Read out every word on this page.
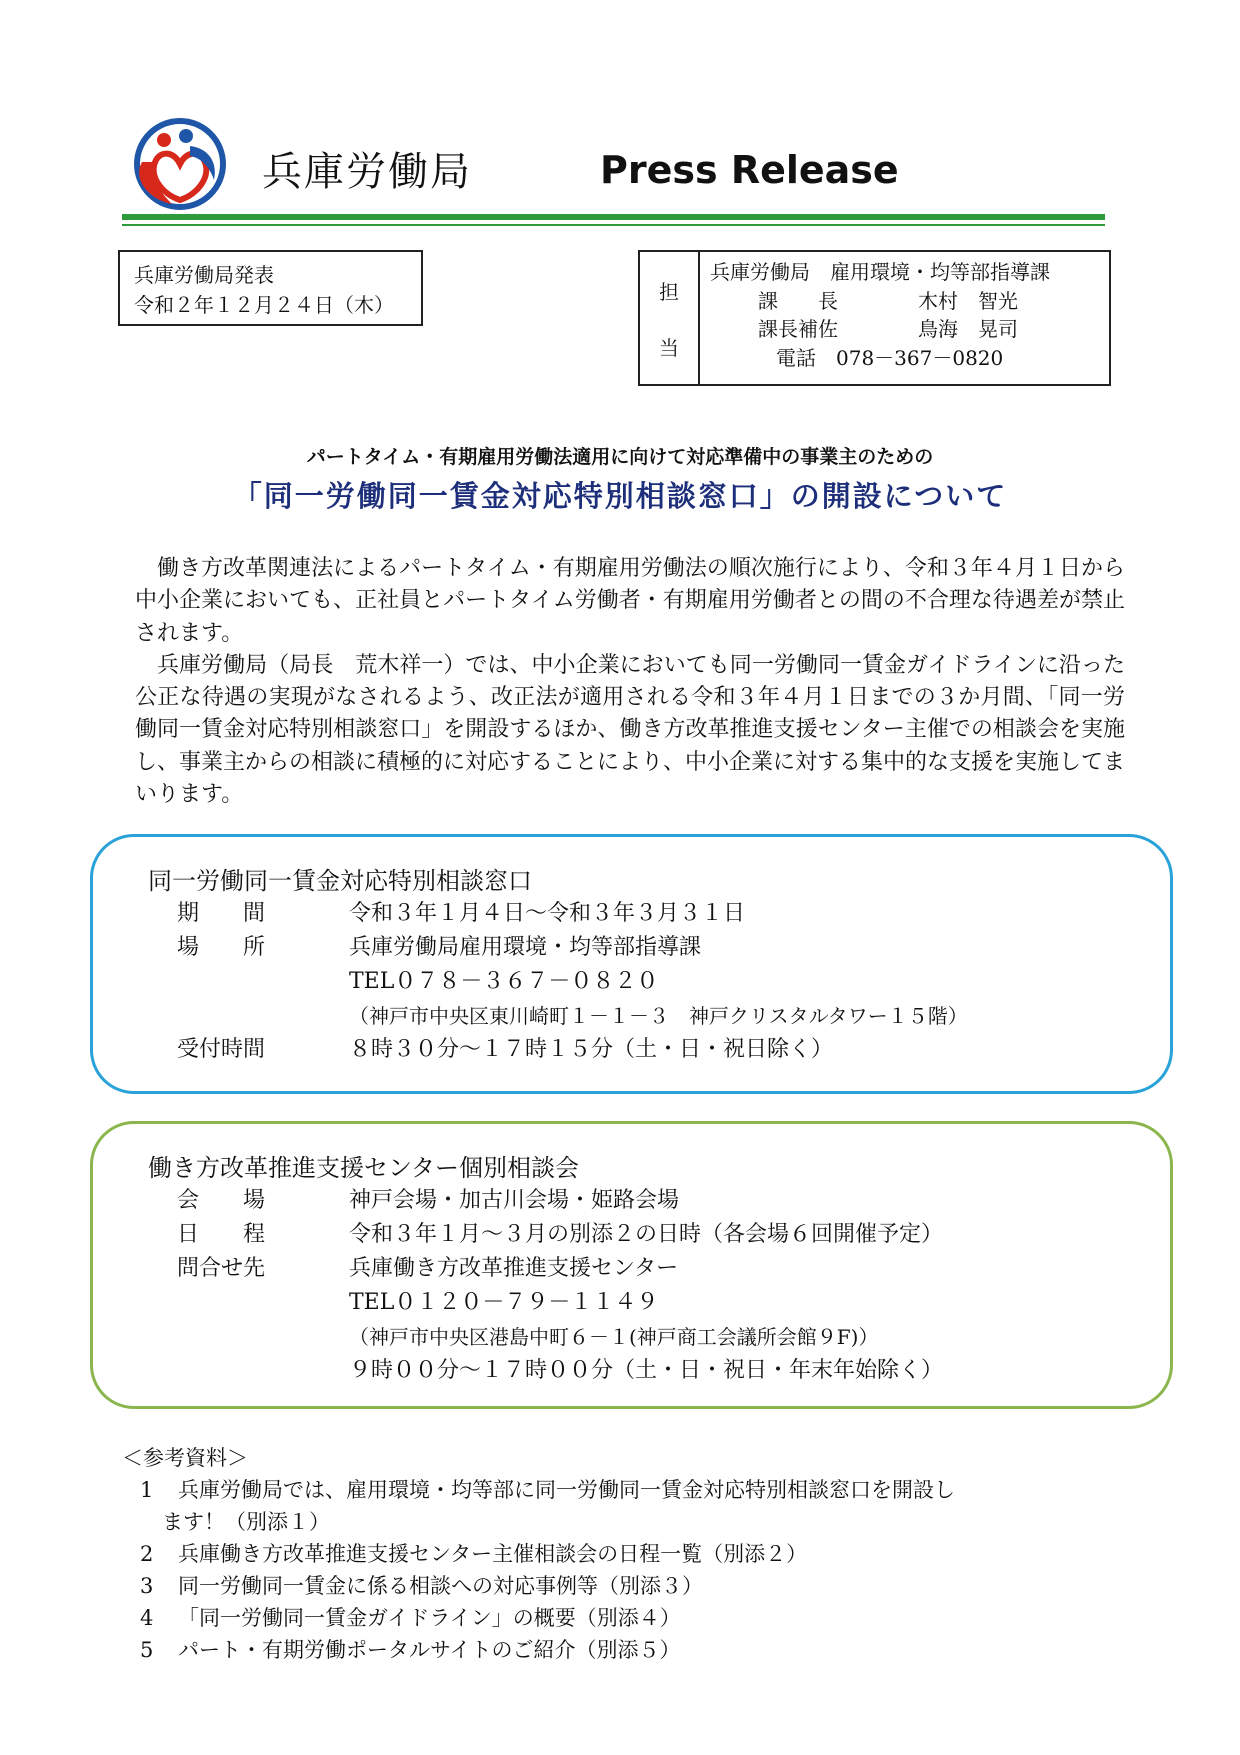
兵庫労働局	Press Release
兵庫労働局発表
令和２年１２月２４日（木）
担
当
兵庫労働局　雇用環境・均等部指導課
課　　長	木村　智光
課長補佐	鳥海　晃司
電話　078－367－0820
パートタイム・有期雇用労働法適用に向けて対応準備中の事業主のための
「同一労働同一賃金対応特別相談窓口」の開設について

働き方改革関連法によるパートタイム・有期雇用労働法の順次施行により、令和３年４月１日から中小企業においても、正社員とパートタイム労働者・有期雇用労働者との間の不合理な待遇差が禁止されます。

兵庫労働局（局長　荒木祥一）では、中小企業においても同一労働同一賃金ガイドラインに沿った公正な待遇の実現がなされるよう、改正法が適用される令和３年４月１日までの３か月間、「同一労働同一賃金対応特別相談窓口」を開設するほか、働き方改革推進支援センター主催での相談会を実施し、事業主からの相談に積極的に対応することにより、中小企業に対する集中的な支援を実施してまいります。

同一労働同一賃金対応特別相談窓口
期　　間	令和３年１月４日～令和３年３月３１日
場　　所	兵庫労働局雇用環境・均等部指導課
TEL０７８－３６７－０８２０
（神戸市中央区東川崎町１－１－３　神戸クリスタルタワー１５階）
受付時間	８時３０分～１７時１５分（土・日・祝日除く）
働き方改革推進支援センター個別相談会
会　　場	神戸会場・加古川会場・姫路会場
日　　程	令和３年１月～３月の別添２の日時（各会場６回開催予定）
問合せ先	兵庫働き方改革推進支援センター
TEL０１２０－７９－１１４９
（神戸市中央区港島中町６－１(神戸商工会議所会館９F)）
９時００分～１７時００分（土・日・祝日・年末年始除く）
＜参考資料＞
1	兵庫労働局では、雇用環境・均等部に同一労働同一賃金対応特別相談窓口を開設し
ます！（別添１）
2	兵庫働き方改革推進支援センター主催相談会の日程一覧（別添２）
3	同一労働同一賃金に係る相談への対応事例等（別添３）
4	「同一労働同一賃金ガイドライン」の概要（別添４）
5	パート・有期労働ポータルサイトのご紹介（別添５）
